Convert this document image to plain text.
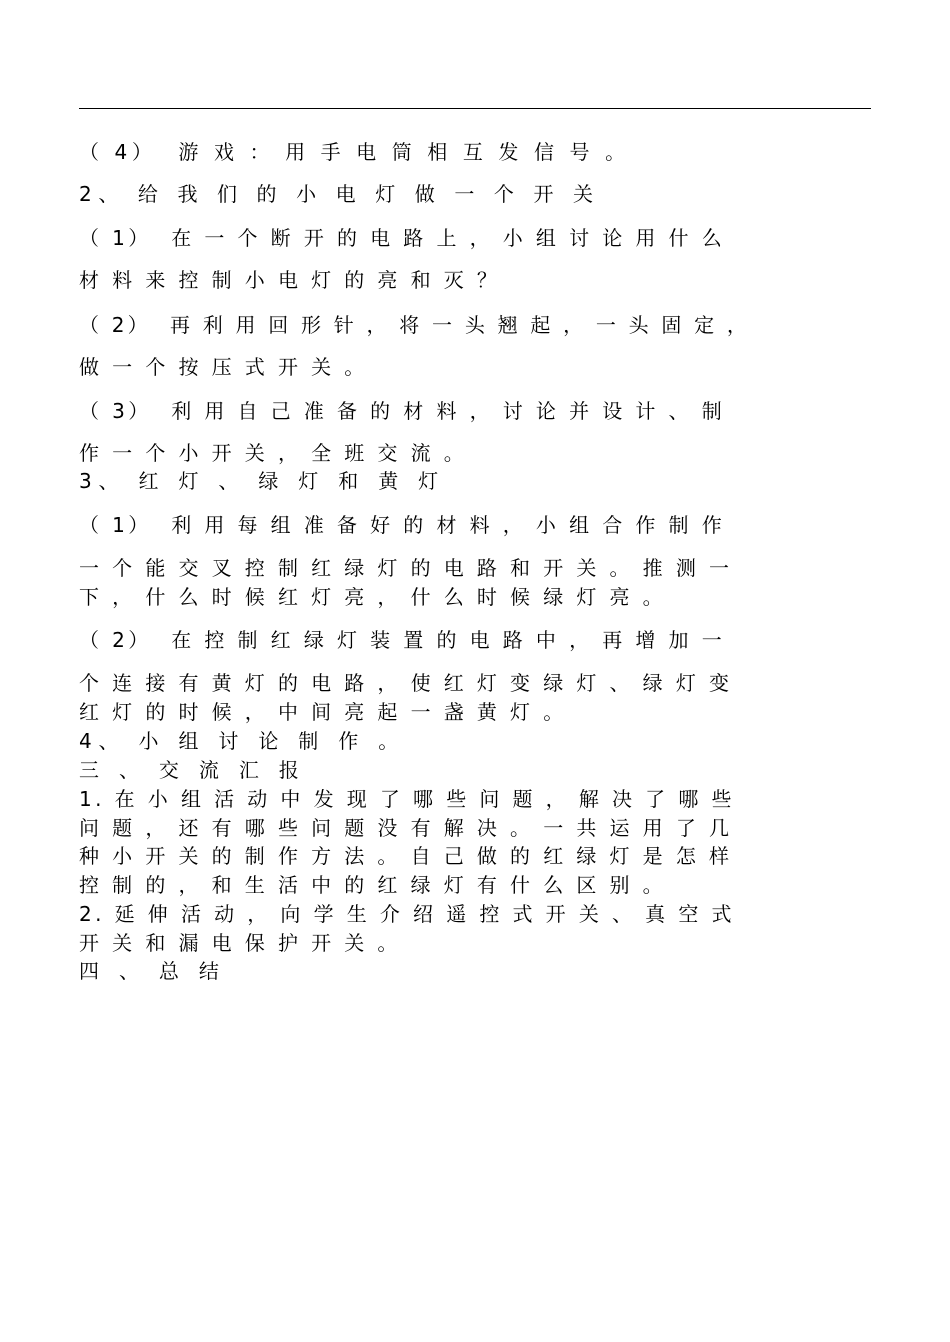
（ 4）  游 戏 ： 用 手 电 筒 相 互 发 信 号 。
2、 给 我 们 的 小 电 灯 做 一 个 开 关
（ 1）  在 一 个 断 开 的 电 路 上 ， 小 组 讨 论 用 什 么
材 料 来 控 制 小 电 灯 的 亮 和 灭 ？
（ 2）  再 利 用 回 形 针 ， 将 一 头 翘 起 ， 一 头 固 定 ，
做 一 个 按 压 式 开 关 。
（ 3）  利 用 自 己 准 备 的 材 料 ， 讨 论 并 设 计 、 制
作 一 个 小 开 关 ， 全 班 交 流 。
3、 红 灯 、 绿 灯 和 黄 灯
（ 1）  利 用 每 组 准 备 好 的 材 料 ， 小 组 合 作 制 作
一 个 能 交 叉 控 制 红 绿 灯 的 电 路 和 开 关 。 推 测 一
下 ， 什 么 时 候 红 灯 亮 ， 什 么 时 候 绿 灯 亮 。
（ 2）  在 控 制 红 绿 灯 装 置 的 电 路 中 ， 再 增 加 一
个 连 接 有 黄 灯 的 电 路 ， 使 红 灯 变 绿 灯 、 绿 灯 变
红 灯 的 时 候 ， 中 间 亮 起 一 盏 黄 灯 。
4、 小 组 讨 论 制 作 。
三 、 交 流 汇 报
1. 在 小 组 活 动 中 发 现 了 哪 些 问 题 ， 解 决 了 哪 些
问 题 ， 还 有 哪 些 问 题 没 有 解 决 。 一 共 运 用 了 几
种 小 开 关 的 制 作 方 法 。 自 己 做 的 红 绿 灯 是 怎 样
控 制 的 ， 和 生 活 中 的 红 绿 灯 有 什 么 区 别 。
2. 延 伸 活 动 ， 向 学 生 介 绍 遥 控 式 开 关 、 真 空 式
开 关 和 漏 电 保 护 开 关 。
四 、 总 结
